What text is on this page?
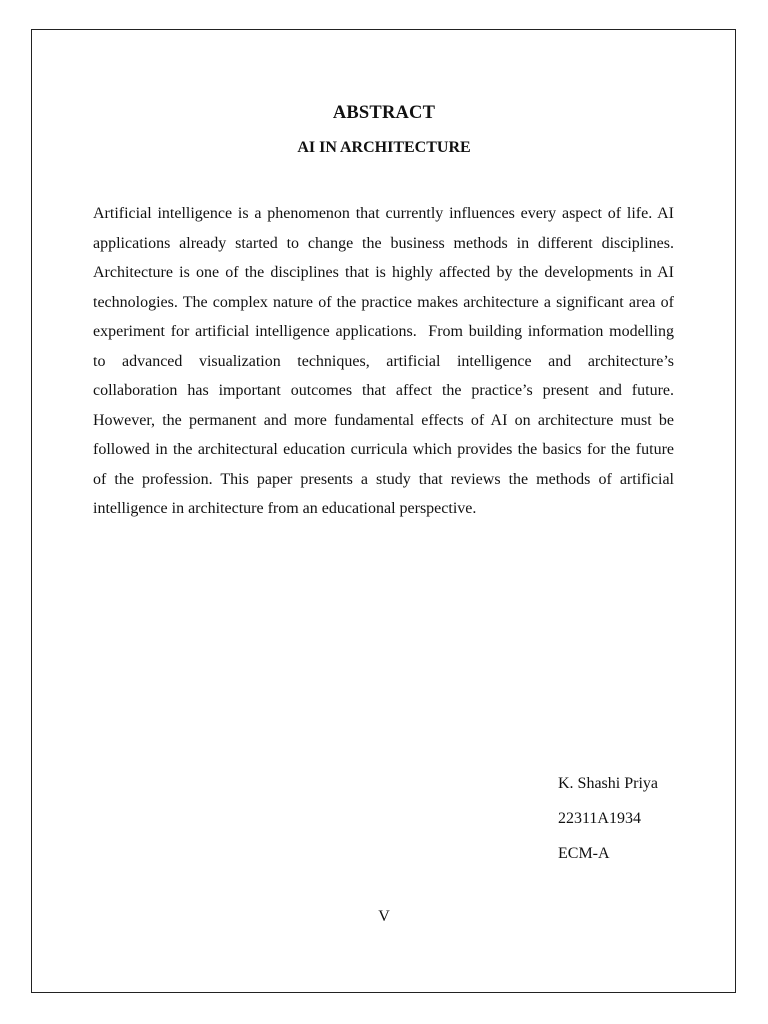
ABSTRACT
AI IN ARCHITECTURE

Artificial intelligence is a phenomenon that currently influences every aspect of life. AI applications already started to change the business methods in different disciplines. Architecture is one of the disciplines that is highly affected by the developments in AI technologies. The complex nature of the practice makes architecture a significant area of experiment for artificial intelligence applications.  From building information modelling to advanced visualization techniques, artificial intelligence and architecture’s collaboration has important outcomes that affect the practice’s present and future. However, the permanent and more fundamental effects of AI on architecture must be followed in the architectural education curricula which provides the basics for the future of the profession. This paper presents a study that reviews the methods of artificial intelligence in architecture from an educational perspective.

K. Shashi Priya
22311A1934
ECM-A
V
